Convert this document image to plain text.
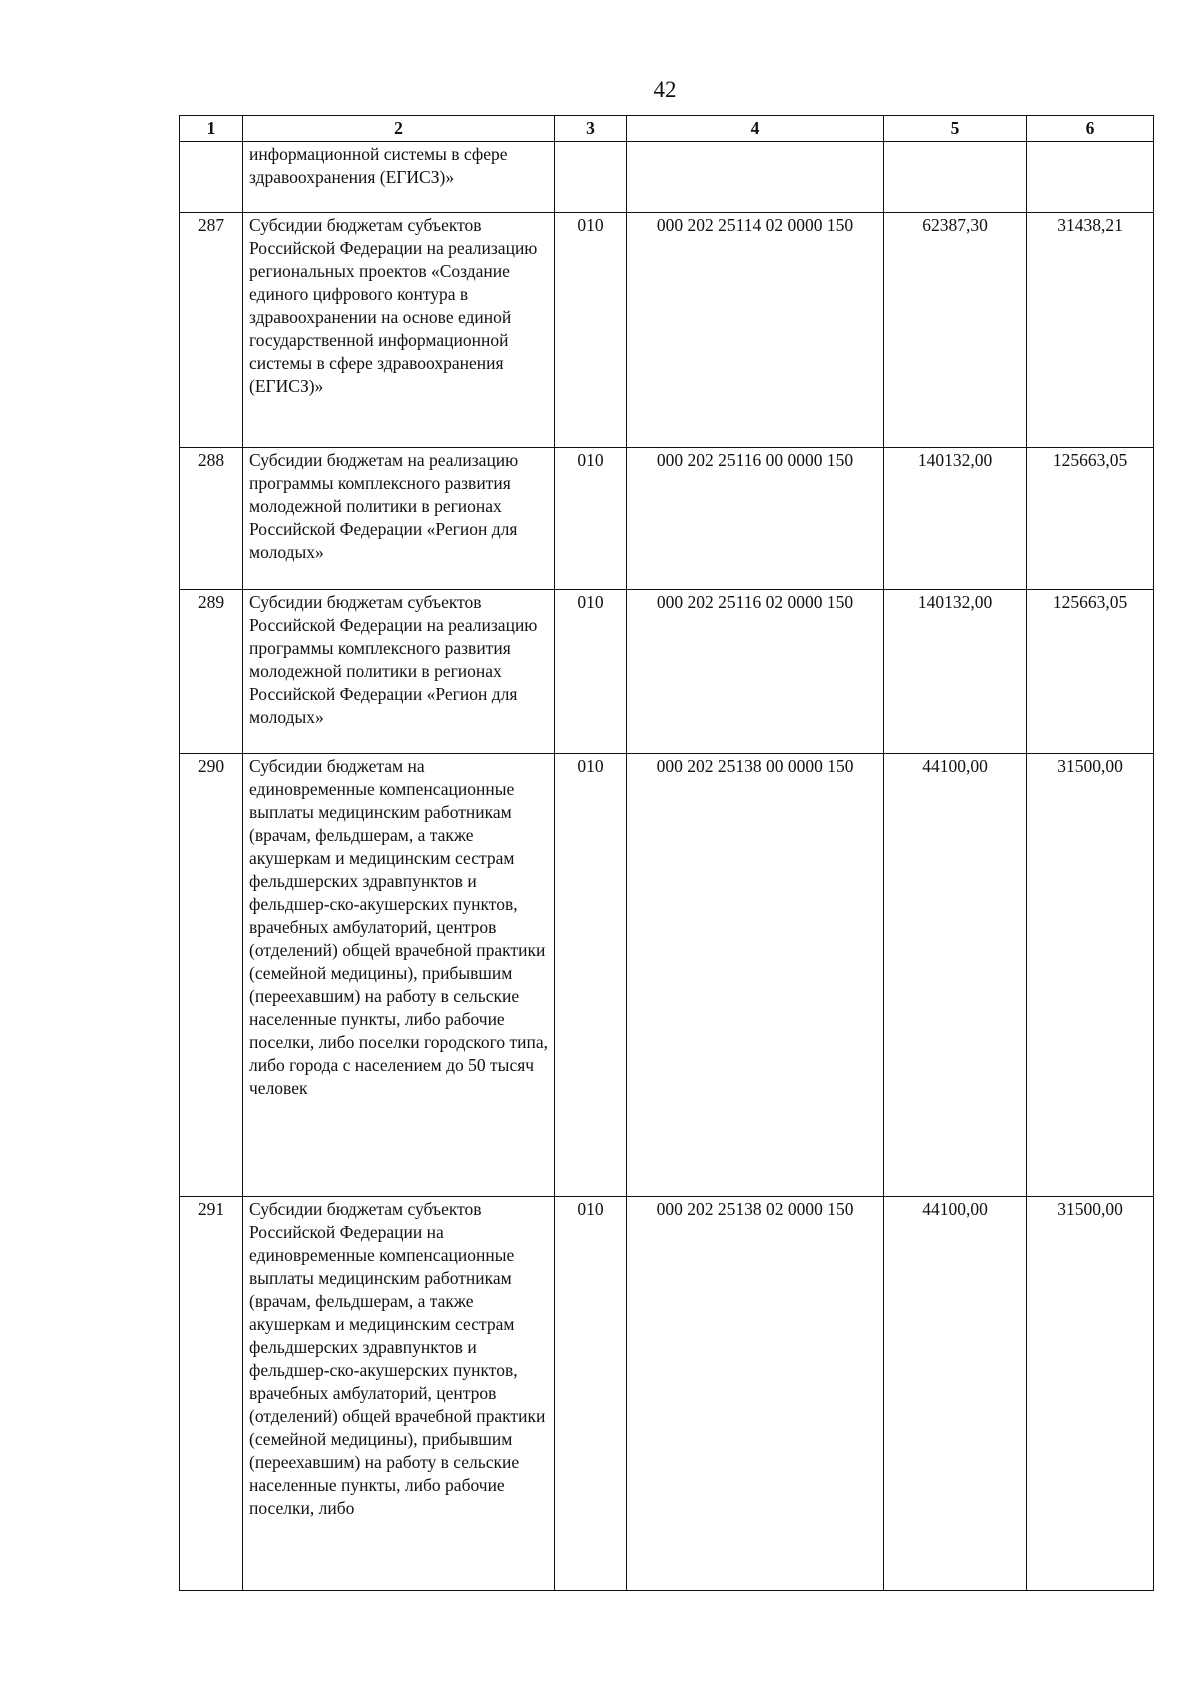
42
1	2	3	4	5	6
	информационной системы в сфере здравоохранения (ЕГИСЗ)»				
287	Субсидии бюджетам субъектов Российской Федерации на реализацию региональных проектов «Создание единого цифрового контура в здравоохранении на основе единой государственной информационной системы в сфере здравоохранения (ЕГИСЗ)»	010	000 202 25114 02 0000 150	62387,30	31438,21
288	Субсидии бюджетам на реализацию программы комплексного развития молодежной политики в регионах Российской Федерации «Регион для молодых»	010	000 202 25116 00 0000 150	140132,00	125663,05
289	Субсидии бюджетам субъектов Российской Федерации на реализацию программы комплексного развития молодежной политики в регионах Российской Федерации «Регион для молодых»	010	000 202 25116 02 0000 150	140132,00	125663,05
290	Субсидии бюджетам на единовременные компенсационные выплаты медицинским работникам (врачам, фельдшерам, а также акушеркам и медицинским сестрам фельдшерских здравпунктов и фельдшер-ско-акушерских пунктов, врачебных амбулаторий, центров (отделений) общей врачебной практики (семейной медицины), прибывшим (переехавшим) на работу в сельские населенные пункты, либо рабочие поселки, либо поселки городского типа, либо города с населением до 50 тысяч человек	010	000 202 25138 00 0000 150	44100,00	31500,00
291	Субсидии бюджетам субъектов Российской Федерации на единовременные компенсационные выплаты медицинским работникам (врачам, фельдшерам, а также акушеркам и медицинским сестрам фельдшерских здравпунктов и фельдшер-ско-акушерских пунктов, врачебных амбулаторий, центров (отделений) общей врачебной практики (семейной медицины), прибывшим (переехавшим) на работу в сельские населенные пункты, либо рабочие поселки, либо	010	000 202 25138 02 0000 150	44100,00	31500,00
